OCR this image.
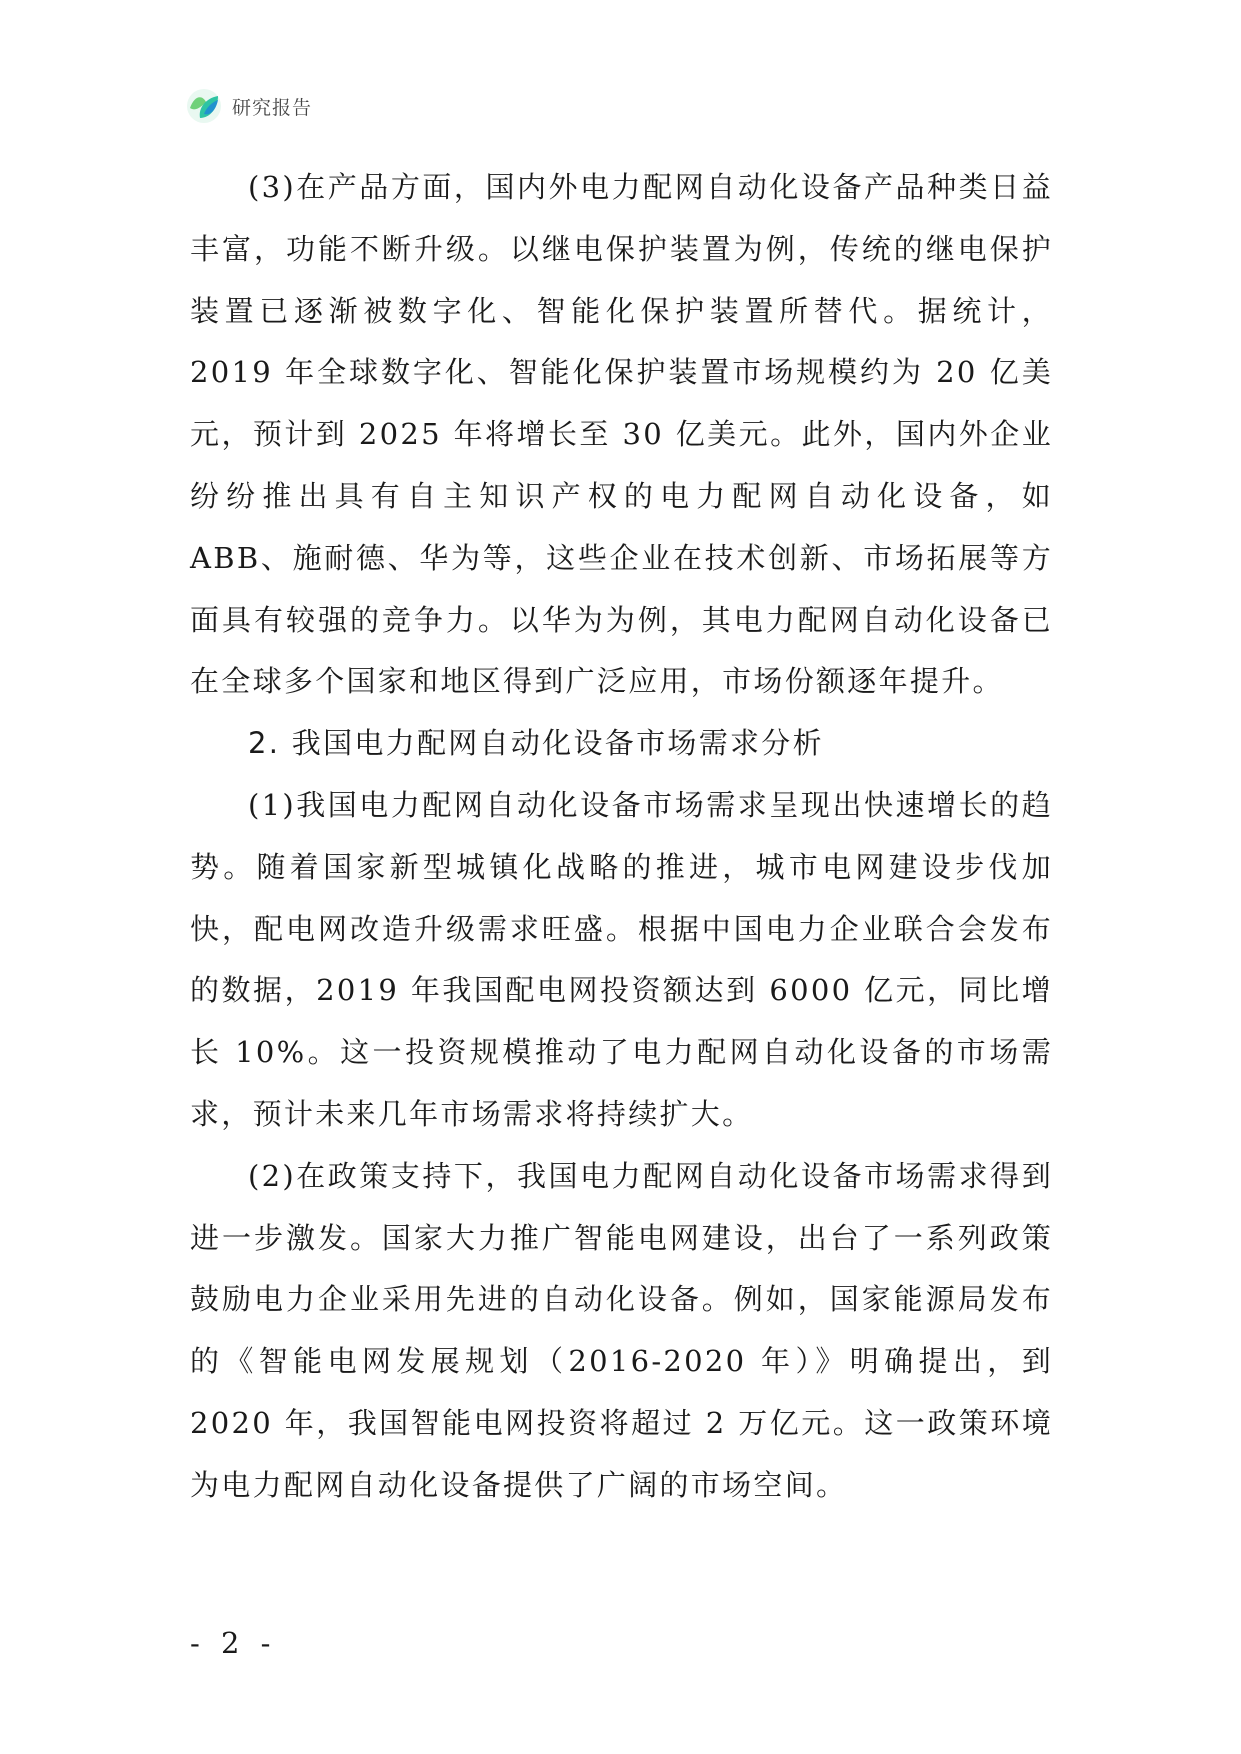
研究报告

(3)在产品方面，国内外电力配网自动化设备产品种类日益丰富，功能不断升级。以继电保护装置为例，传统的继电保护装置已逐渐被数字化、智能化保护装置所替代。据统计，2019 年全球数字化、智能化保护装置市场规模约为 20 亿美元，预计到 2025 年将增长至 30 亿美元。此外，国内外企业纷纷推出具有自主知识产权的电力配网自动化设备，如 ABB、施耐德、华为等，这些企业在技术创新、市场拓展等方面具有较强的竞争力。以华为为例，其电力配网自动化设备已在全球多个国家和地区得到广泛应用，市场份额逐年提升。

2. 我国电力配网自动化设备市场需求分析

(1)我国电力配网自动化设备市场需求呈现出快速增长的趋势。随着国家新型城镇化战略的推进，城市电网建设步伐加快，配电网改造升级需求旺盛。根据中国电力企业联合会发布的数据，2019 年我国配电网投资额达到 6000 亿元，同比增长 10%。这一投资规模推动了电力配网自动化设备的市场需求，预计未来几年市场需求将持续扩大。

(2)在政策支持下，我国电力配网自动化设备市场需求得到进一步激发。国家大力推广智能电网建设，出台了一系列政策鼓励电力企业采用先进的自动化设备。例如，国家能源局发布的《智能电网发展规划（2016-2020 年）》明确提出，到 2020 年，我国智能电网投资将超过 2 万亿元。这一政策环境为电力配网自动化设备提供了广阔的市场空间。

- 2 -
